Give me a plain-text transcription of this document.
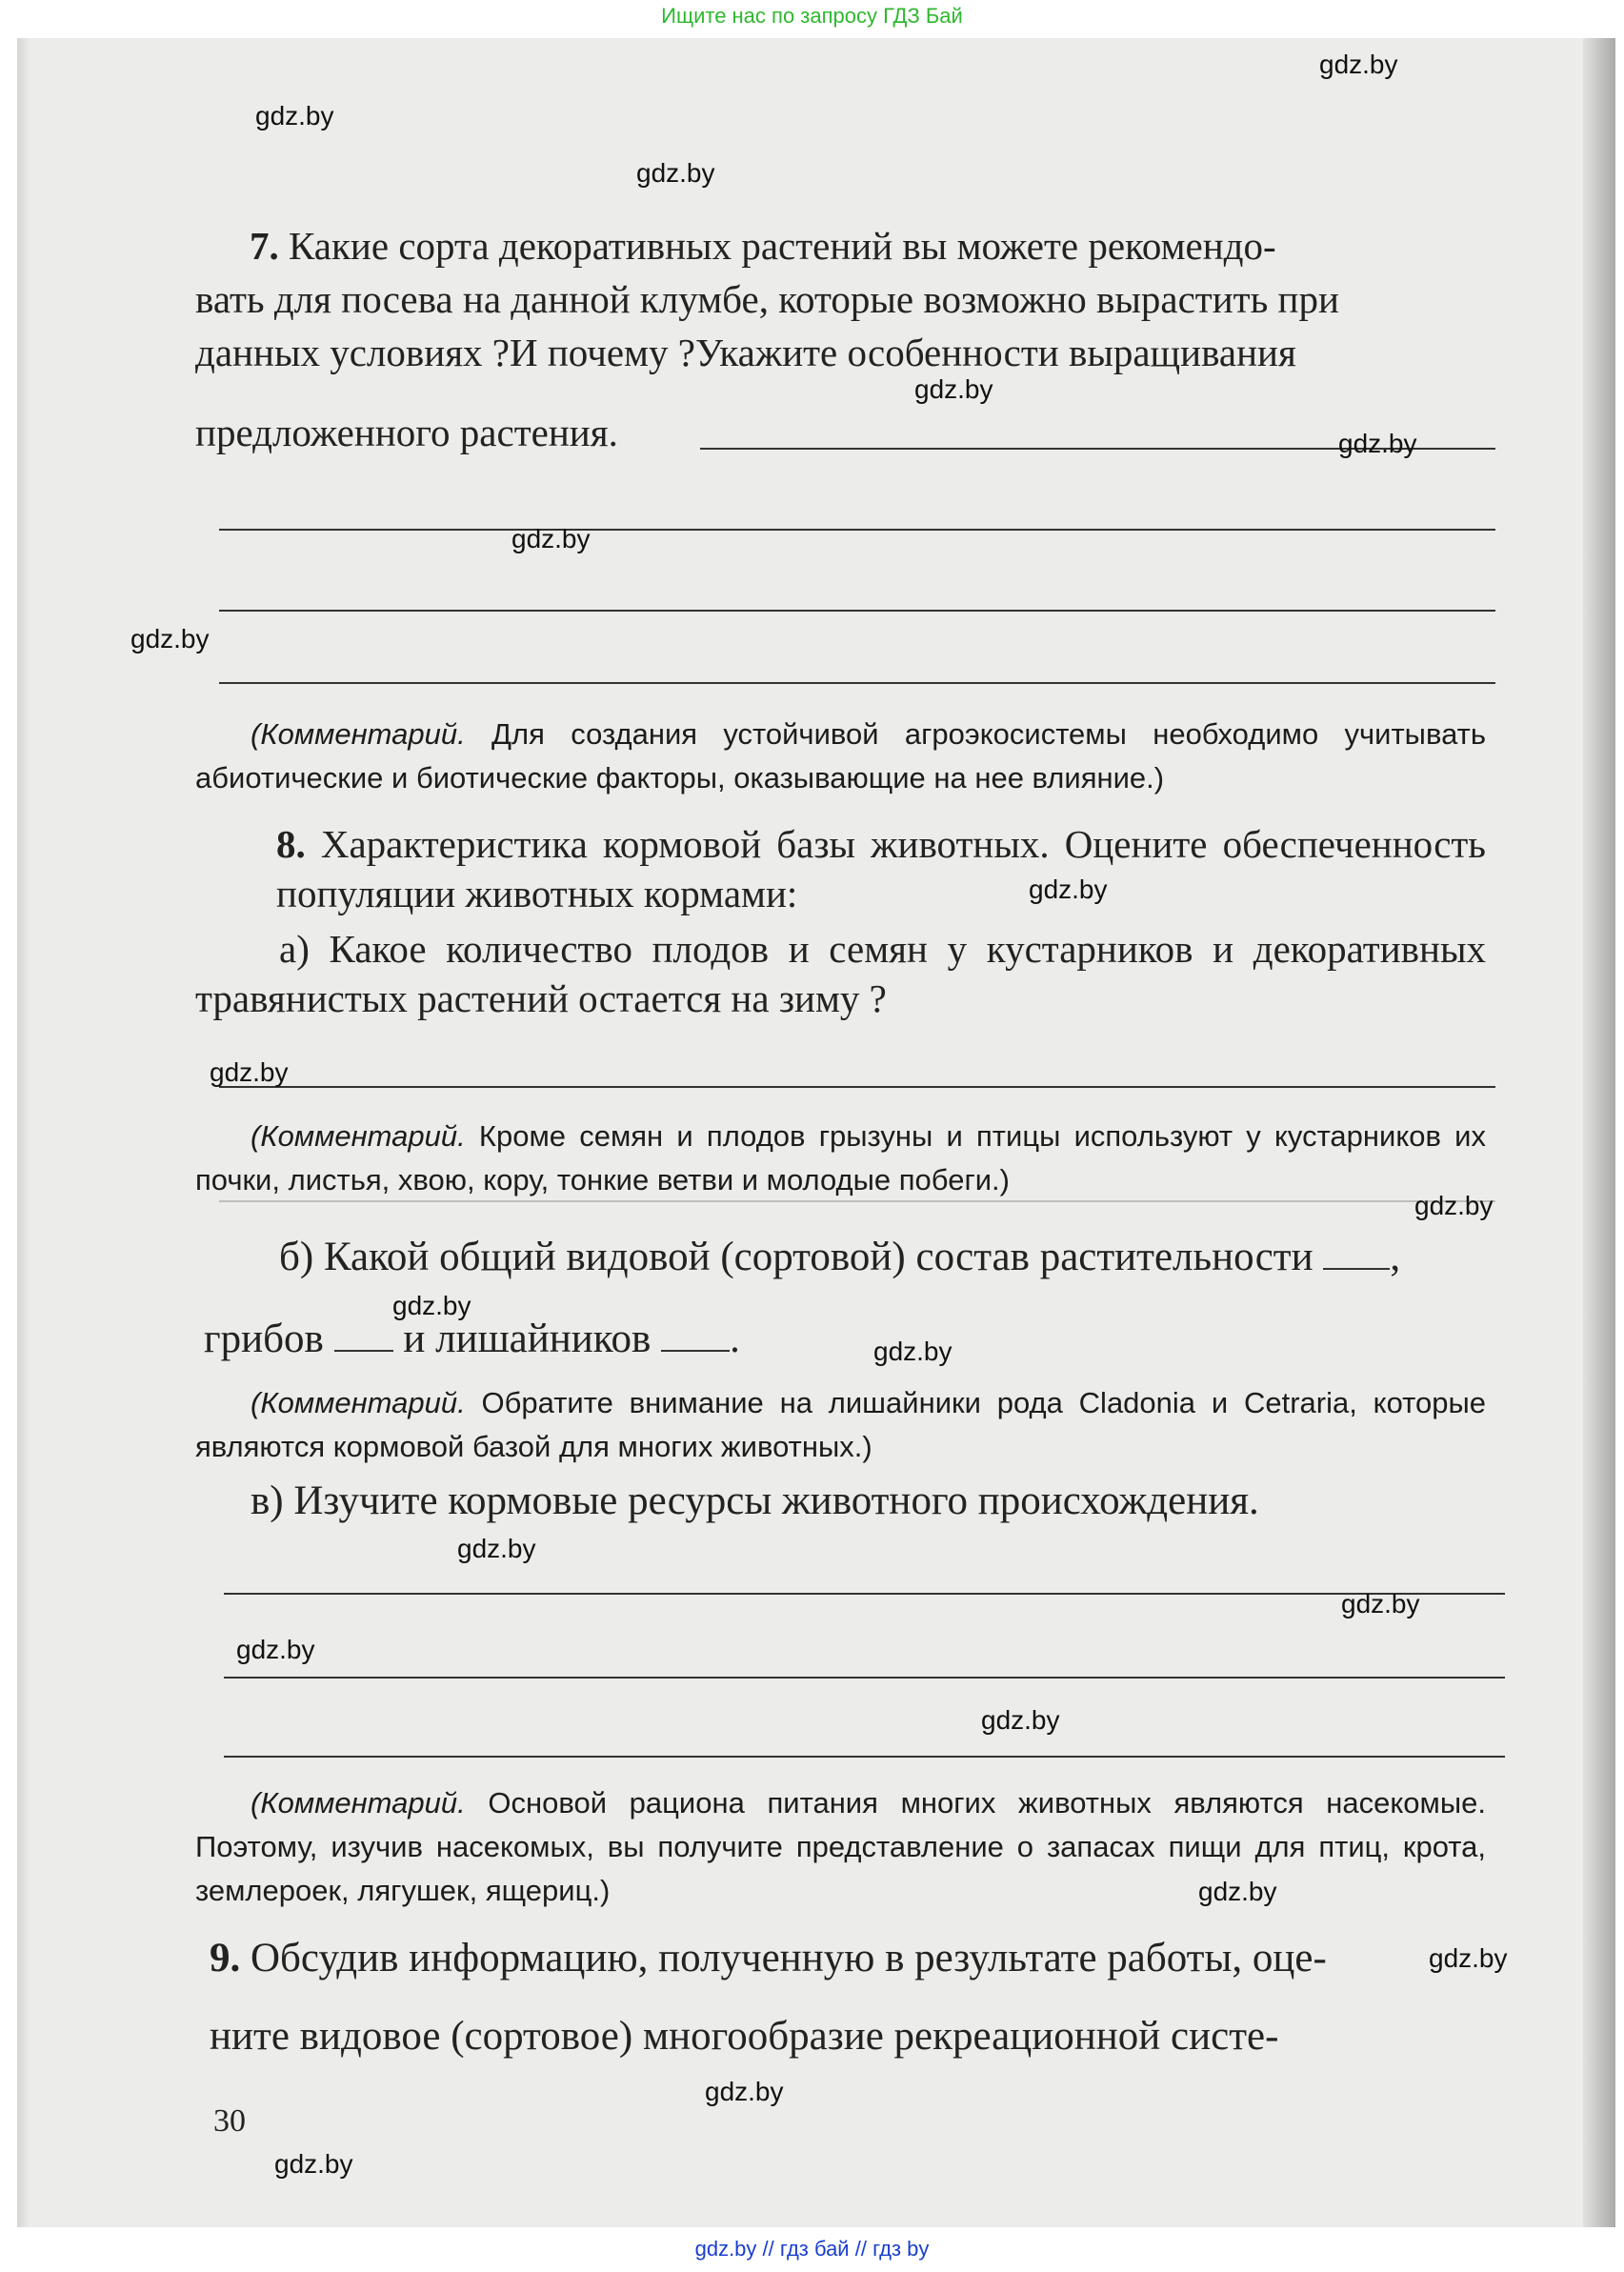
Ищите нас по запросу ГДЗ Бай
7. Какие сорта декоративных растений вы можете рекомендо-
вать для посева на данной клумбе, которые возможно вырастить при
данных условиях ?И почему ?Укажите особенности выращивания
предложенного растения.
(Комментарий. Для создания устойчивой агроэкосистемы необходимо учитывать абиотические и биотические факторы, оказывающие на нее влияние.)
8. Характеристика кормовой базы животных. Оцените обеспеченность популяции животных кормами:
а) Какое количество плодов и семян у кустарников и декоративных травянистых растений остается на зиму ?
(Комментарий. Кроме семян и плодов грызуны и птицы используют у кустарников их почки, листья, хвою, кору, тонкие ветви и молодые побеги.)
б) Какой общий видовой (сортовой) состав растительности ,
грибов и лишайников .
(Комментарий. Обратите внимание на лишайники рода Cladonia и Cetraria, которые являются кормовой базой для многих животных.)
в) Изучите кормовые ресурсы животного происхождения.
(Комментарий. Основой рациона питания многих животных являются насекомые. Поэтому, изучив насекомых, вы получите представление о запасах пищи для птиц, крота, землероек, лягушек, ящериц.)
9. Обсудив информацию, полученную в результате работы, оце-
ните видовое (сортовое) многообразие рекреационной систе-
30
gdz.by
gdz.by
gdz.by
gdz.by
gdz.by
gdz.by
gdz.by
gdz.by
gdz.by
gdz.by
gdz.by
gdz.by
gdz.by
gdz.by
gdz.by
gdz.by
gdz.by
gdz.by
gdz.by
gdz.by
gdz.by // гдз бай // гдз by
